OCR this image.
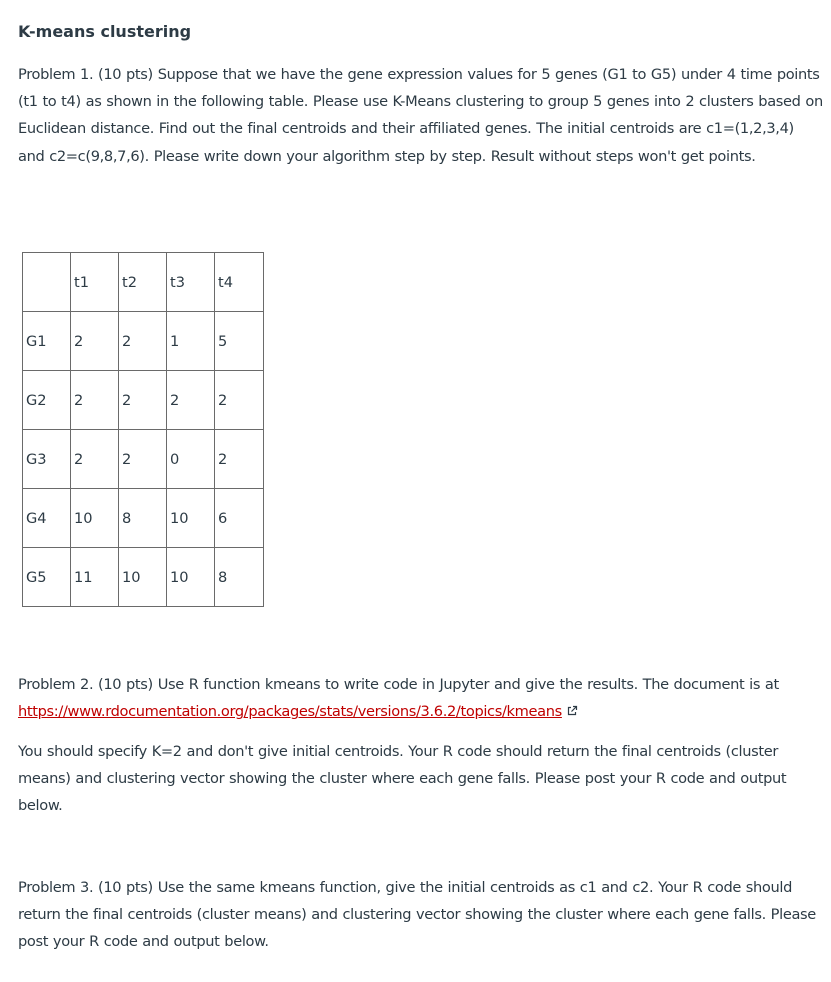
K-means clustering

Problem 1. (10 pts) Suppose that we have the gene expression values for 5 genes (G1 to G5) under 4 time points (t1 to t4) as shown in the following table. Please use K-Means clustering to group 5 genes into 2 clusters based on Euclidean distance. Find out the final centroids and their affiliated genes. The initial centroids are c1=(1,2,3,4) and c2=c(9,8,7,6). Please write down your algorithm step by step. Result without steps won't get points.

	t1	t2	t3	t4
G1	2	2	1	5
G2	2	2	2	2
G3	2	2	0	2
G4	10	8	10	6
G5	11	10	10	8

Problem 2. (10 pts) Use R function kmeans to write code in Jupyter and give the results. The document is at https://www.rdocumentation.org/packages/stats/versions/3.6.2/topics/kmeans

You should specify K=2 and don't give initial centroids. Your R code should return the final centroids (cluster means) and clustering vector showing the cluster where each gene falls. Please post your R code and output below.

Problem 3. (10 pts) Use the same kmeans function, give the initial centroids as c1 and c2. Your R code should return the final centroids (cluster means) and clustering vector showing the cluster where each gene falls. Please post your R code and output below.
